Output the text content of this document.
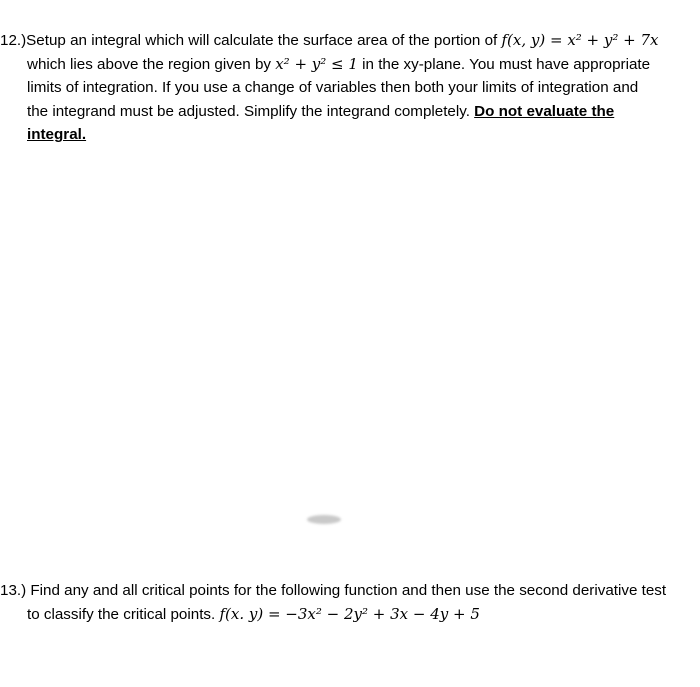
12.)Setup an integral which will calculate the surface area of the portion of f(x, y) = x² + y² + 7x
which lies above the region given by x² + y² ≤ 1 in the xy-plane. You must have appropriate
limits of integration. If you use a change of variables then both your limits of integration and
the integrand must be adjusted. Simplify the integrand completely. Do not evaluate the
integral.
13.) Find any and all critical points for the following function and then use the second derivative test
to classify the critical points. f(x. y) = −3x² − 2y² + 3x − 4y + 5
